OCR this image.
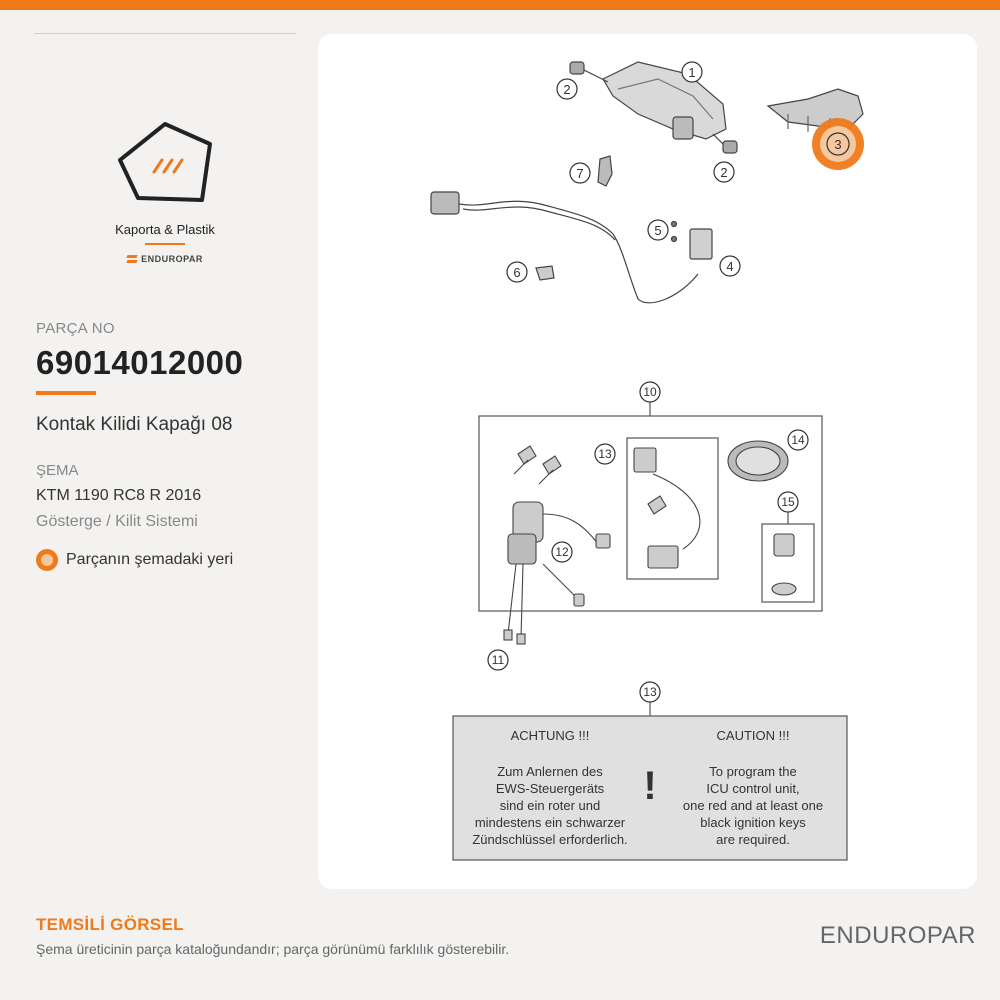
Kaporta & Plastik
ENDUROPAR
PARÇA NO
69014012000
Kontak Kilidi Kapağı 08
ŞEMA
KTM 1190 RC8 R 2016
Gösterge / Kilit Sistemi
Parçanın şemadaki yeri
1
2
2
3
4
5
6
7
10
11
12
13
14
15
13
ACHTUNG !!!
Zum Anlernen des
EWS-Steuergeräts
sind ein roter und
mindestens ein schwarzer
Zündschlüssel erforderlich.
!
CAUTION !!!
To program the
ICU control unit,
one red and at least one
black ignition keys
are required.
TEMSİLİ GÖRSEL
Şema üreticinin parça kataloğundandır; parça görünümü farklılık gösterebilir.	ENDUROPAR
